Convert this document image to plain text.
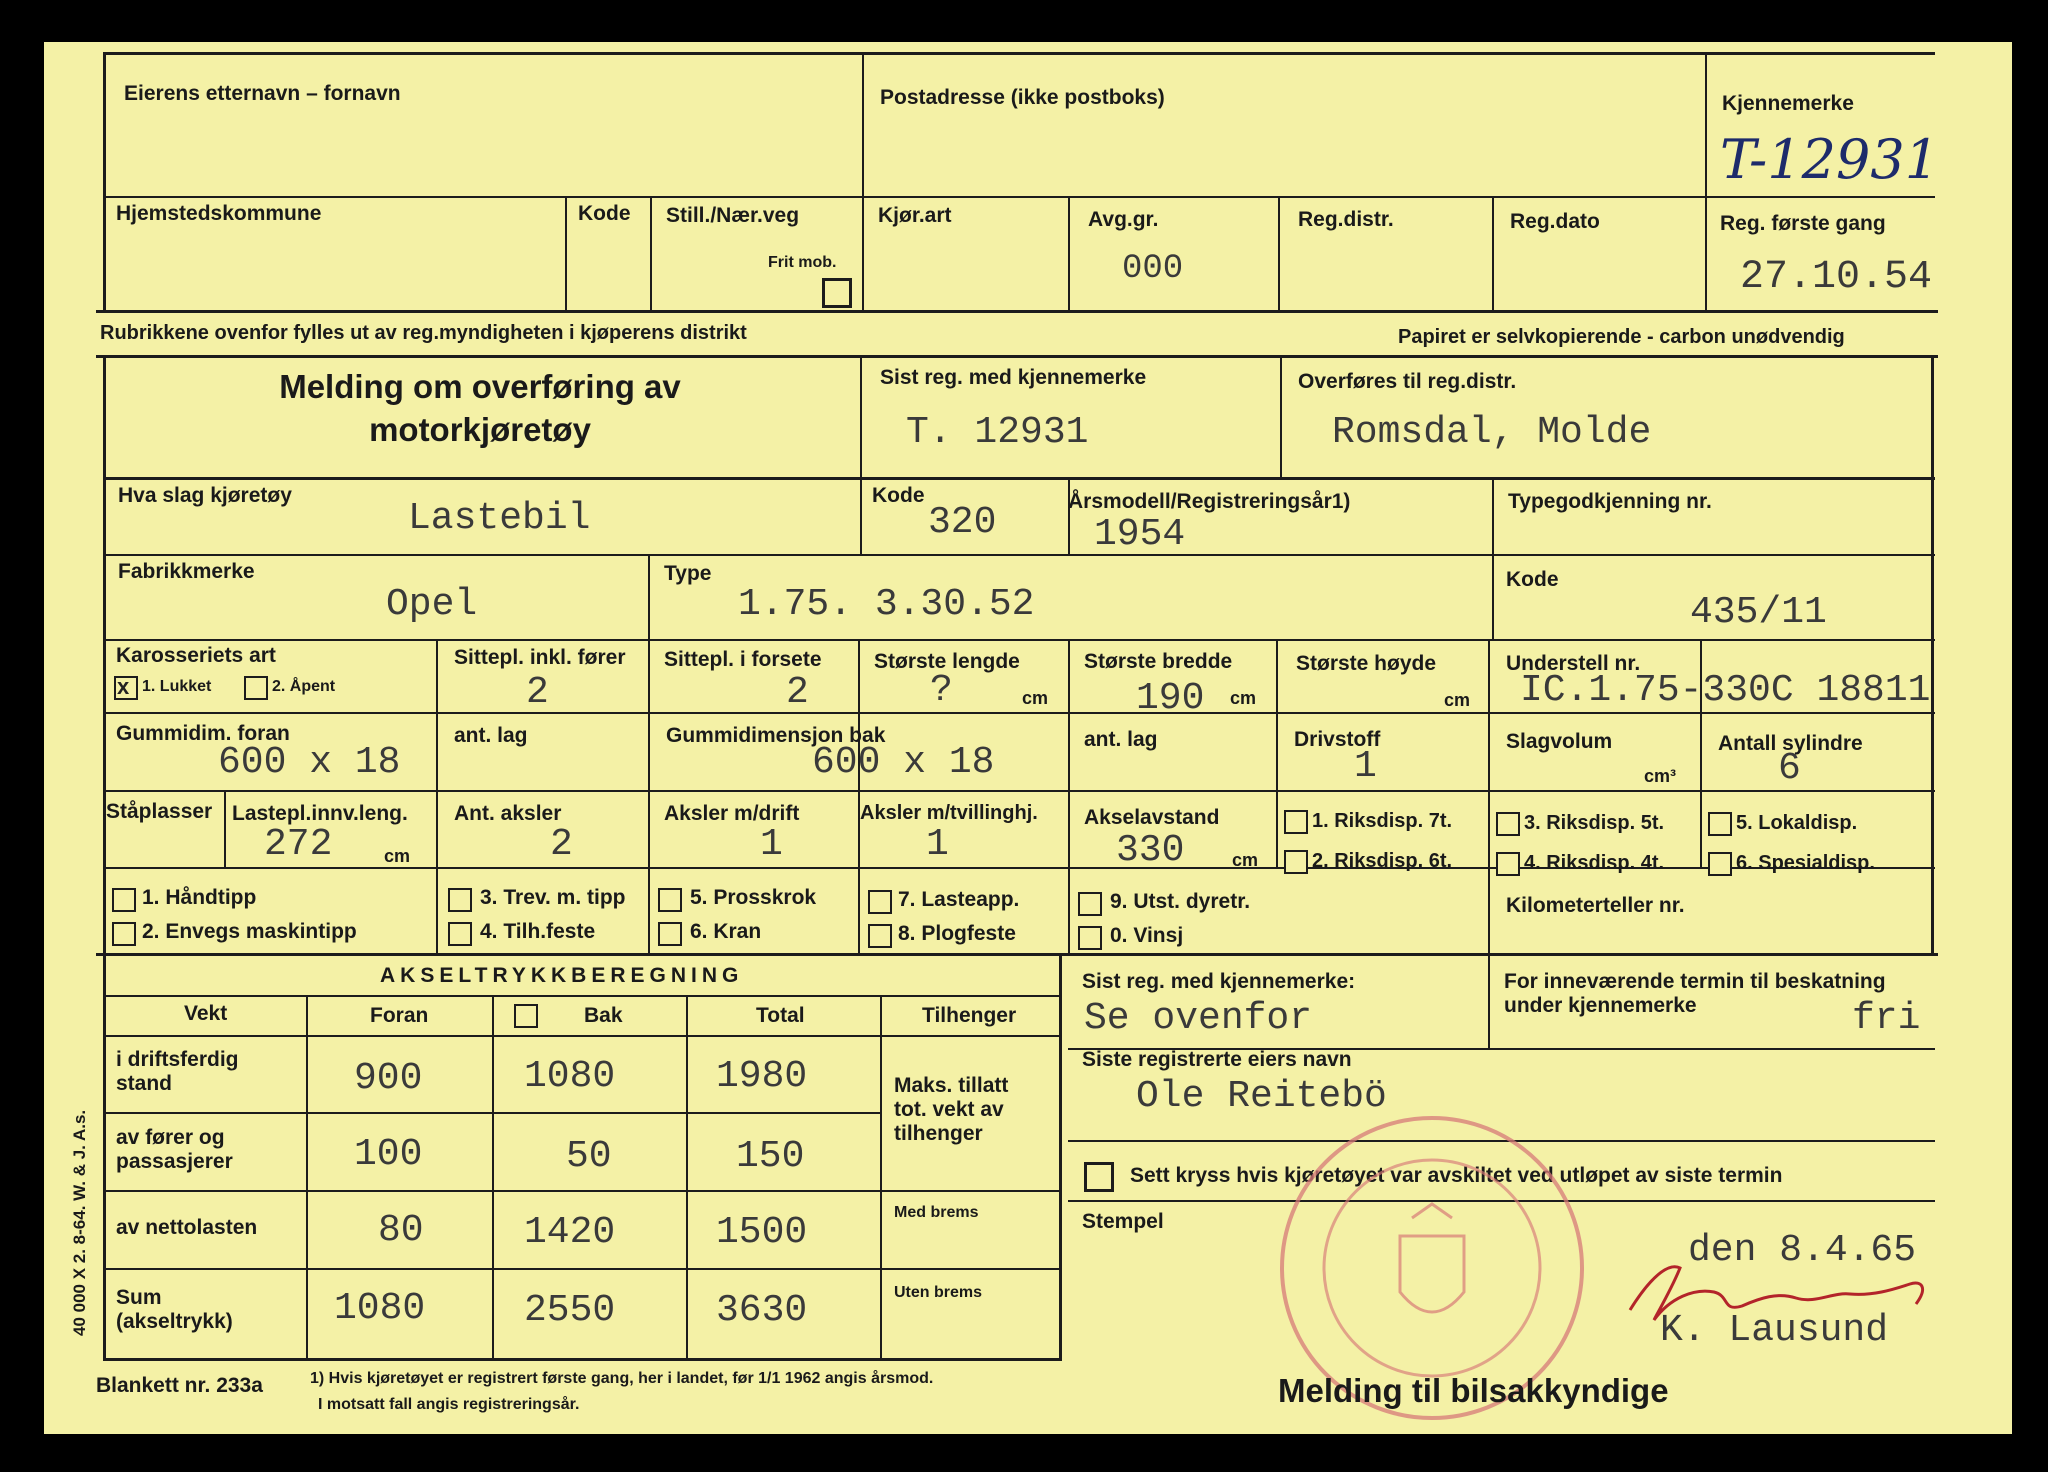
Eierens etternavn – fornavn	Postadresse (ikke postboks)	Kjennemerke
T-12931
Hjemstedskommune	Kode Still./Nær.veg
Frit mob.
Kjør.art	Avg.gr.
000
Reg.distr.	Reg.dato	Reg. første gang
27.10.54
Rubrikkene ovenfor fylles ut av reg.myndigheten i kjøperens distrikt	Papiret er selvkopierende - carbon unødvendig
Melding om overføring av
motorkjøretøy
Sist reg. med kjennemerke
T. 12931
Overføres til reg.distr.
Romsdal, Molde
Hva slag kjøretøy
Lastebil
Kode
320	Årsmodell/Registreringsår1)
1954
Typegodkjenning nr.
Fabrikkmerke
Opel
Type
1.75. 3.30.52
Kode
435/11
Karosseriets art
x 1. Lukket	2. Åpent
Sittepl. inkl. fører
2
Sittepl. i forsete
2
Største lengde
?	cm
Største bredde
190 cm
Største høyde
cm
Understell nr.
IC.1.75-330C 18811
Gummidim. foran
600 x 18
ant. lag	Gummidimensjon bak
600 x 18
ant. lag	Drivstoff
1
Slagvolum
cm³
Antall sylindre
6
Ståplasser Lastepl.innv.leng.
272	cm
Ant. aksler
2
Aksler m/drift
1
Aksler m/tvillinghj.
1
Akselavstand
330	cm
1. Riksdisp. 7t.
2. Riksdisp. 6t.
3. Riksdisp. 5t.
4. Riksdisp. 4t.
5. Lokaldisp.
6. Spesialdisp.
1. Håndtipp
2. Envegs maskintipp
3. Trev. m. tipp
4. Tilh.feste
5. Prosskrok
6. Kran
7. Lasteapp.
8. Plogfeste
9. Utst. dyretr.
0. Vinsj
Kilometerteller nr.
AKSELTRYKKBEREGNING
Vekt	Foran	Bak	Total	Tilhenger
i driftsferdig stand	900	1080	1980
av fører og passasjerer	100	50	150
av nettolasten	80	1420	1500
Sum (akseltrykk)	1080	2550	3630
Maks. tillatt tot. vekt av tilhenger
Med brems
Uten brems
40 000 X 2. 8-64. W. & J. A.s.
Sist reg. med kjennemerke:
Se ovenfor
For inneværende termin til beskatning under kjennemerke	fri
Siste registrerte eiers navn
Ole Reitebö
Sett kryss hvis kjøretøyet var avskiltet ved utløpet av siste termin
Stempel
den 8.4.65
K. Lausund
Blankett nr. 233a	1) Hvis kjøretøyet er registrert første gang, her i landet, før 1/1 1962 angis årsmod.
I motsatt fall angis registreringsår.	Melding til bilsakkyndige
